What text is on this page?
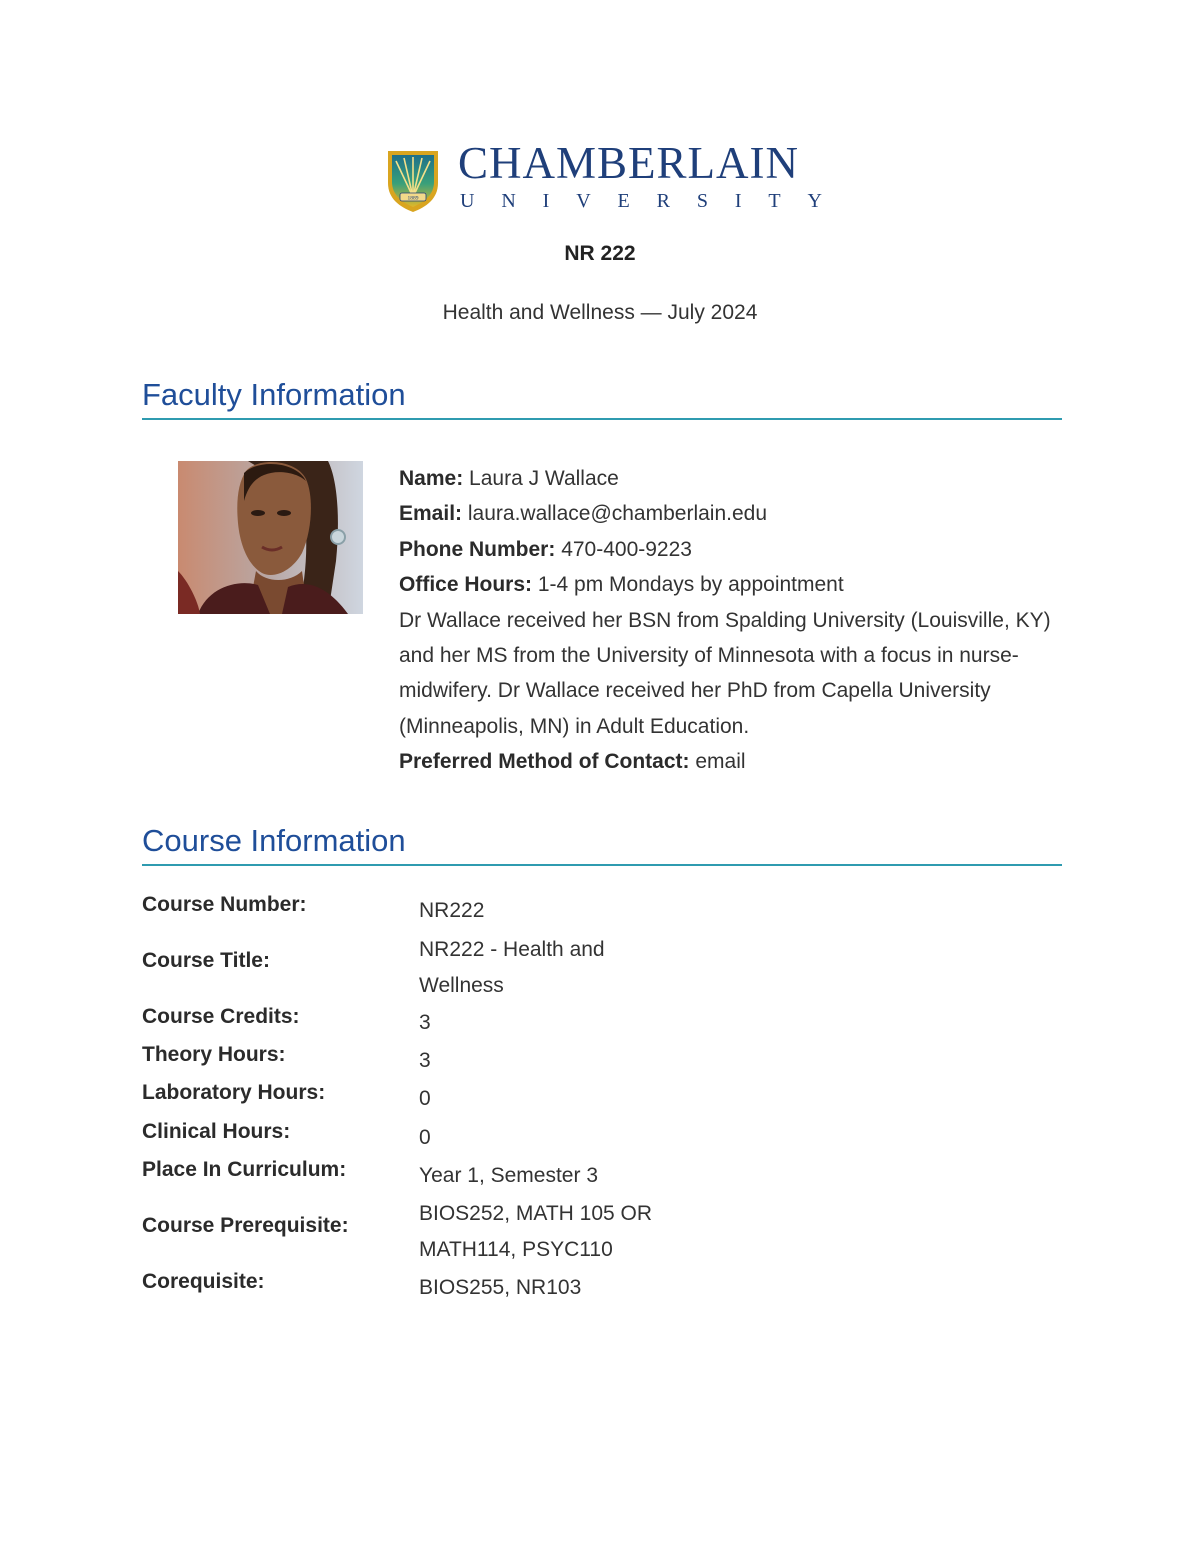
1889
CHAMBERLAIN
U N I V E R S I T Y
NR 222
Health and Wellness — July 2024
Faculty Information
Name: Laura J Wallace
Email: laura.wallace@chamberlain.edu
Phone Number: 470-400-9223
Office Hours: 1-4 pm Mondays by appointment
Dr Wallace received her BSN from Spalding University (Louisville, KY) and her MS from the University of Minnesota with a focus in nurse-midwifery. Dr Wallace received her PhD from Capella University (Minneapolis, MN) in Adult Education.
Preferred Method of Contact: email
Course Information
Course Number:	NR222
Course Title:	NR222 - Health and Wellness
Course Credits:	3
Theory Hours:	3
Laboratory Hours:	0
Clinical Hours:	0
Place In Curriculum:	Year 1, Semester 3
Course Prerequisite:
BIOS252, MATH 105 OR MATH114, PSYC110
Corequisite:	BIOS255, NR103
